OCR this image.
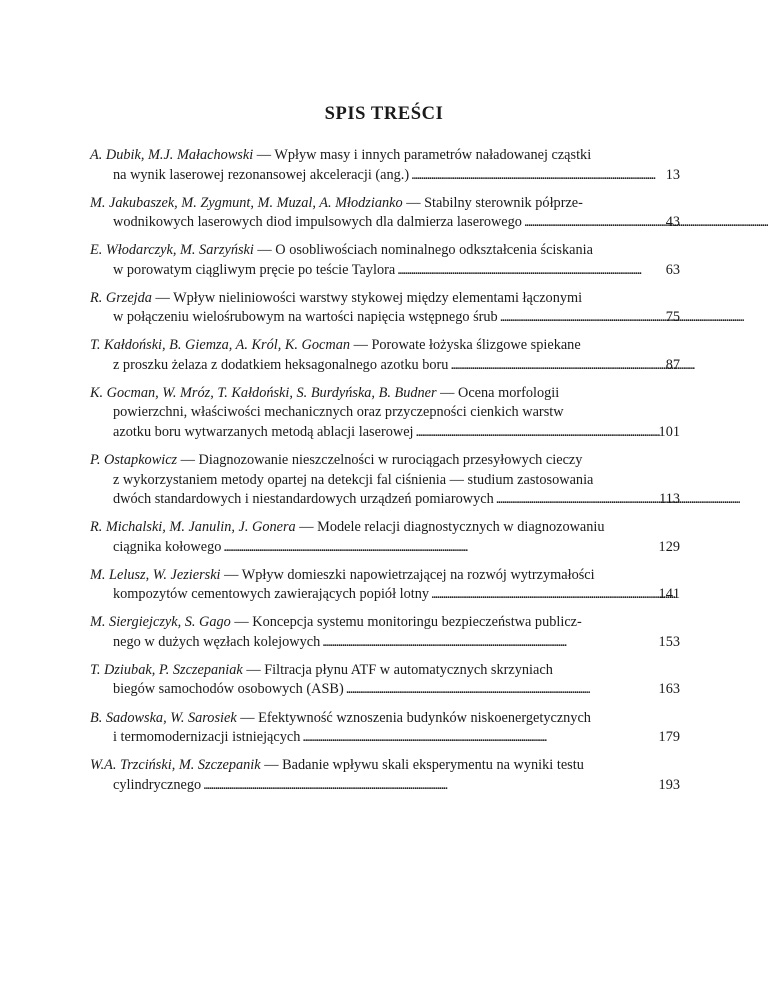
SPIS TREŚCI
A. Dubik, M.J. Małachowski — Wpływ masy i innych parametrów naładowanej cząstki
na wynik laserowej rezonansowej akceleracji (ang.) . . .	13
M. Jakubaszek, M. Zygmunt, M. Muzal, A. Młodzianko — Stabilny sterownik półprze-
wodnikowych laserowych diod impulsowych dla dalmierza laserowego . . .	43
E. Włodarczyk, M. Sarzyński — O osobliwościach nominalnego odkształcenia ściskania
w porowatym ciągliwym pręcie po teście Taylora . . .	63
R. Grzejda — Wpływ nieliniowości warstwy stykowej między elementami łączonymi
w połączeniu wielośrubowym na wartości napięcia wstępnego śrub . . .	75
T. Kałdoński, B. Giemza, A. Król, K. Gocman — Porowate łożyska ślizgowe spiekane
z proszku żelaza z dodatkiem heksagonalnego azotku boru . . .	87
K. Gocman, W. Mróz, T. Kałdoński, S. Burdyńska, B. Budner — Ocena morfologii
powierzchni, właściwości mechanicznych oraz przyczepności cienkich warstw
azotku boru wytwarzanych metodą ablacji laserowej . . .	101
P. Ostapkowicz — Diagnozowanie nieszczelności w rurociągach przesyłowych cieczy
z wykorzystaniem metody opartej na detekcji fal ciśnienia — studium zastosowania
dwóch standardowych i niestandardowych urządzeń pomiarowych . . .	113
R. Michalski, M. Janulin, J. Gonera — Modele relacji diagnostycznych w diagnozowaniu
ciągnika kołowego . . .	129
M. Lelusz, W. Jezierski — Wpływ domieszki napowietrzającej na rozwój wytrzymałości
kompozytów cementowych zawierających popiół lotny . . .	141
M. Siergiejczyk, S. Gago — Koncepcja systemu monitoringu bezpieczeństwa publicz-
nego w dużych węzłach kolejowych . . .	153
T. Dziubak, P. Szczepaniak — Filtracja płynu ATF w automatycznych skrzyniach
biegów samochodów osobowych (ASB) . . .	163
B. Sadowska, W. Sarosiek — Efektywność wznoszenia budynków niskoenergetycznych
i termomodernizacji istniejących . . .	179
W.A. Trzciński, M. Szczepanik — Badanie wpływu skali eksperymentu na wyniki testu
cylindrycznego . . .	193
